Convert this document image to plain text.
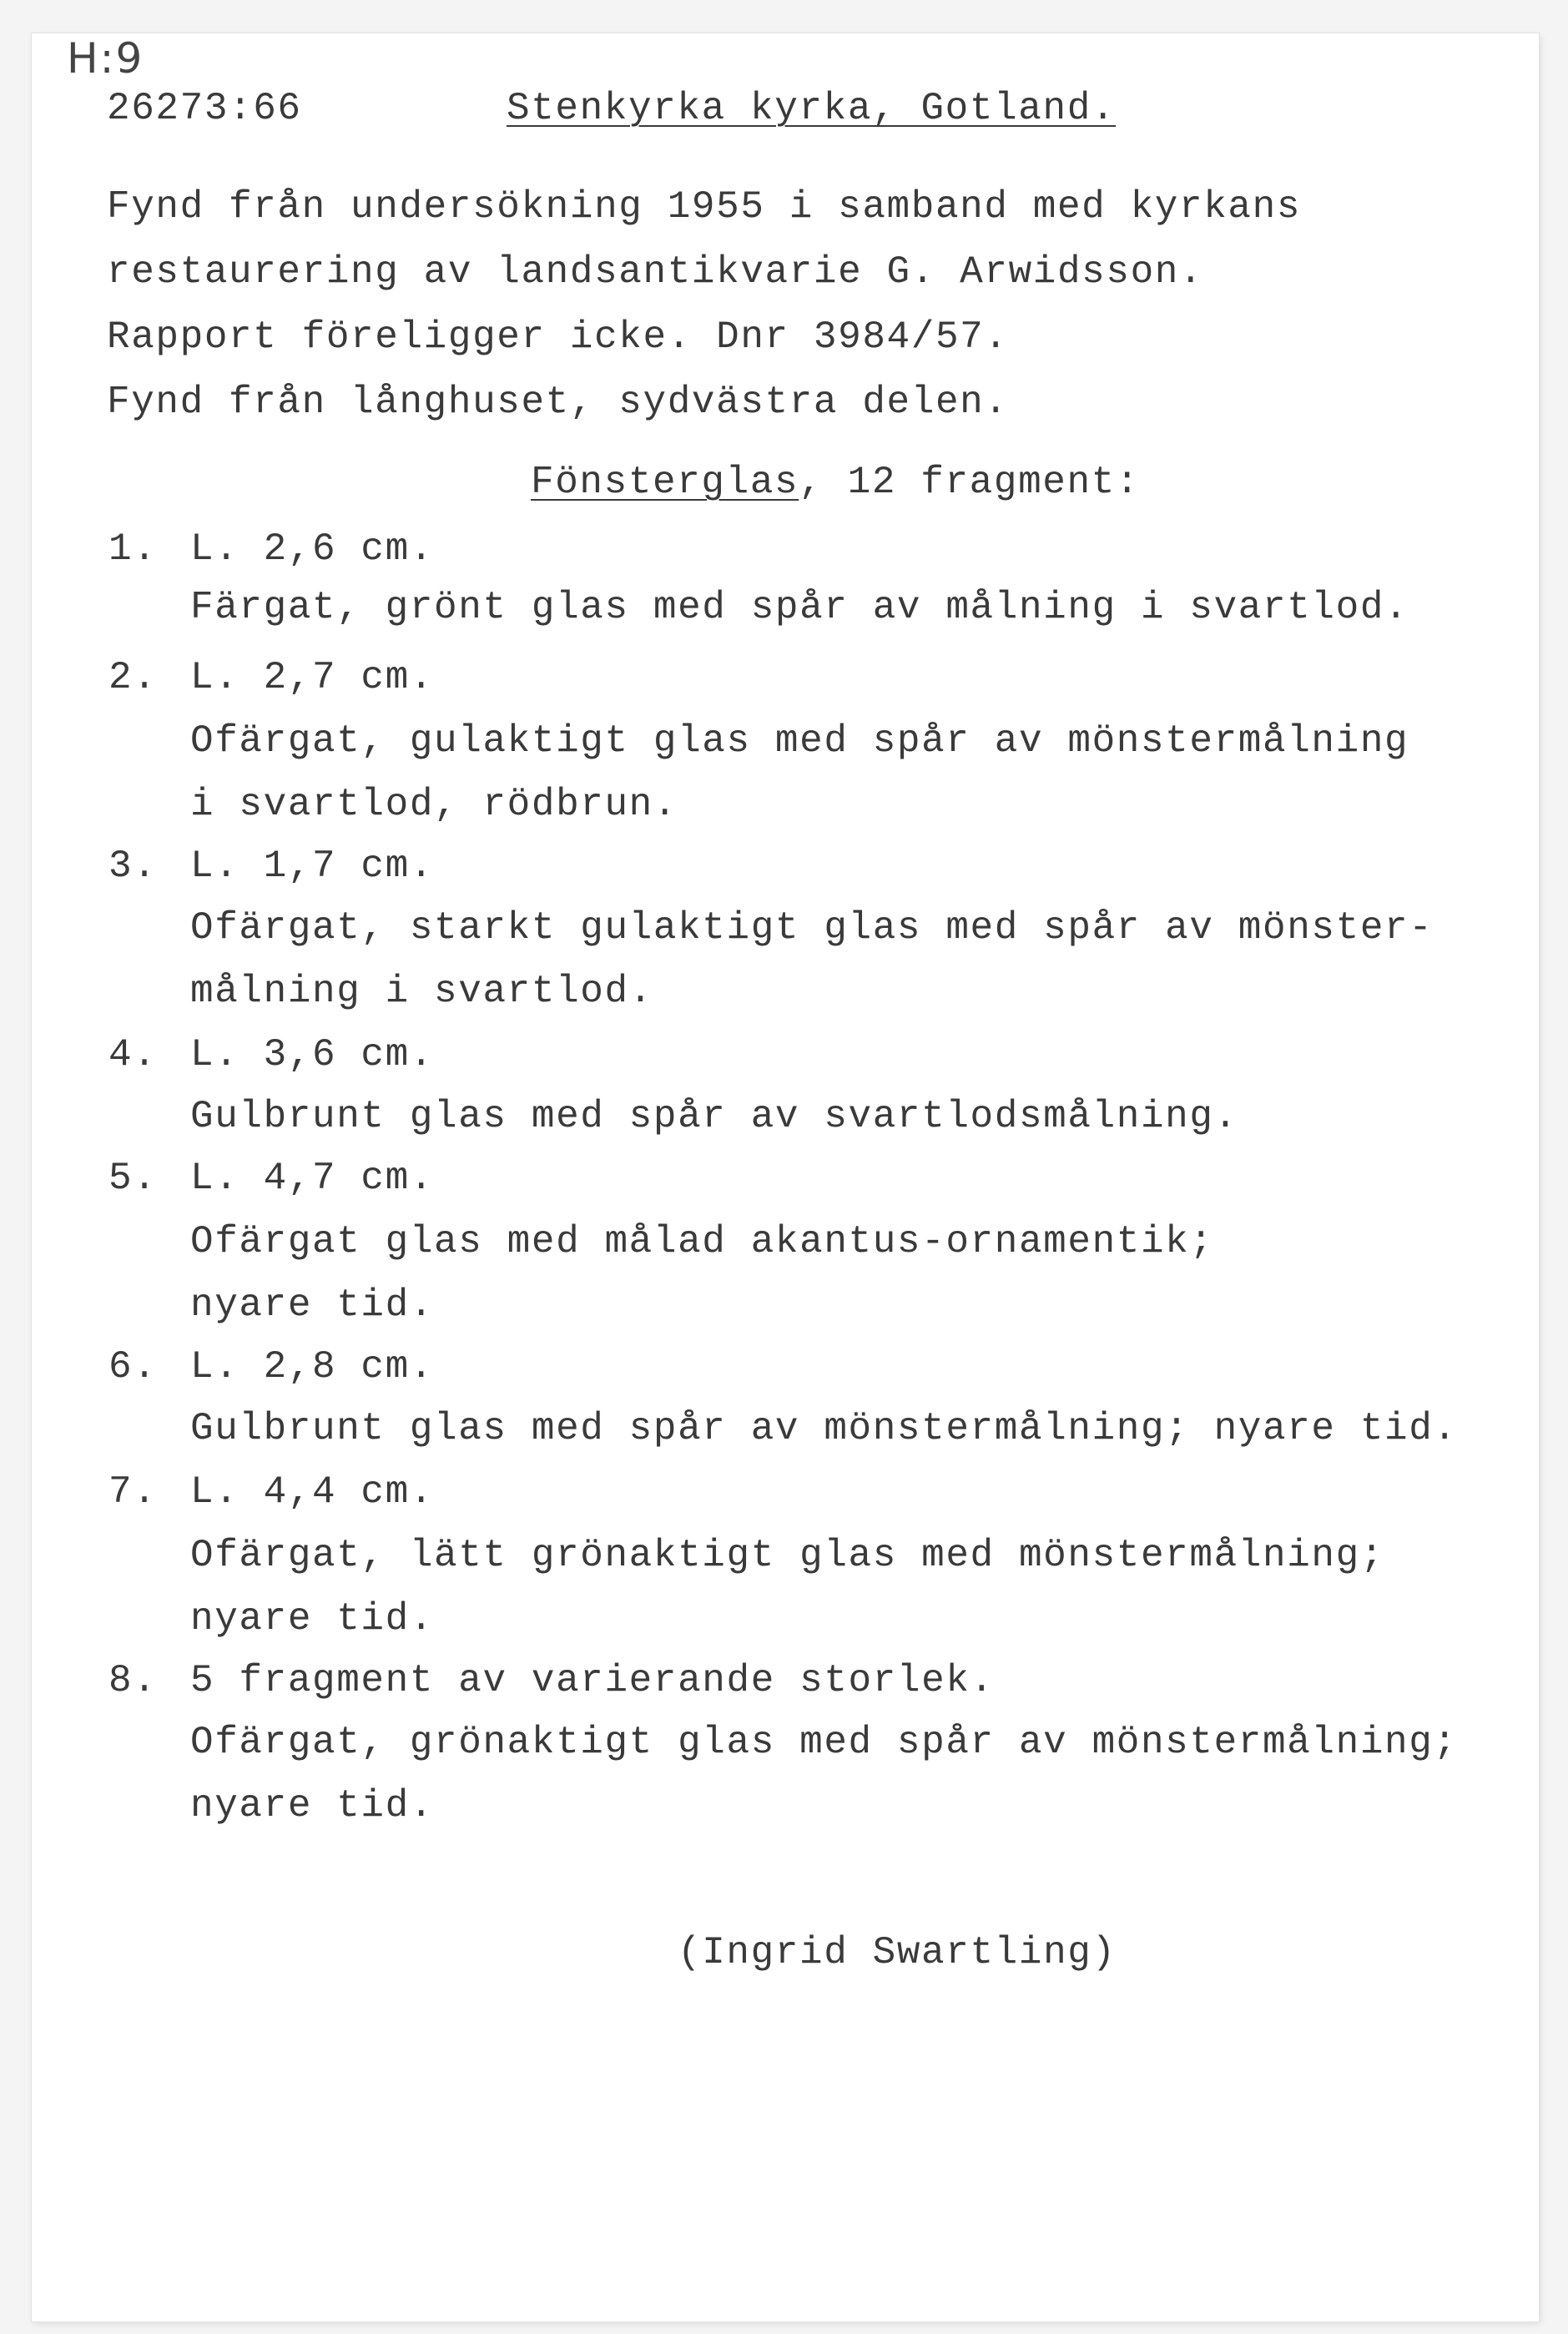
H:9
26273:66	Stenkyrka kyrka, Gotland.
Fynd från undersökning 1955 i samband med kyrkans
restaurering av landsantikvarie G. Arwidsson.
Rapport föreligger icke. Dnr 3984/57.
Fynd från långhuset, sydvästra delen.
Fönsterglas, 12 fragment:
1. L. 2,6 cm.
Färgat, grönt glas med spår av målning i svartlod.
2. L. 2,7 cm.
Ofärgat, gulaktigt glas med spår av mönstermålning
i svartlod, rödbrun.
3. L. 1,7 cm.
Ofärgat, starkt gulaktigt glas med spår av mönster-
målning i svartlod.
4. L. 3,6 cm.
Gulbrunt glas med spår av svartlodsmålning.
5. L. 4,7 cm.
Ofärgat glas med målad akantus-ornamentik;
nyare tid.
6. L. 2,8 cm.
Gulbrunt glas med spår av mönstermålning; nyare tid.
7. L. 4,4 cm.
Ofärgat, lätt grönaktigt glas med mönstermålning;
nyare tid.
8. 5 fragment av varierande storlek.
Ofärgat, grönaktigt glas med spår av mönstermålning;
nyare tid.
(Ingrid Swartling)
